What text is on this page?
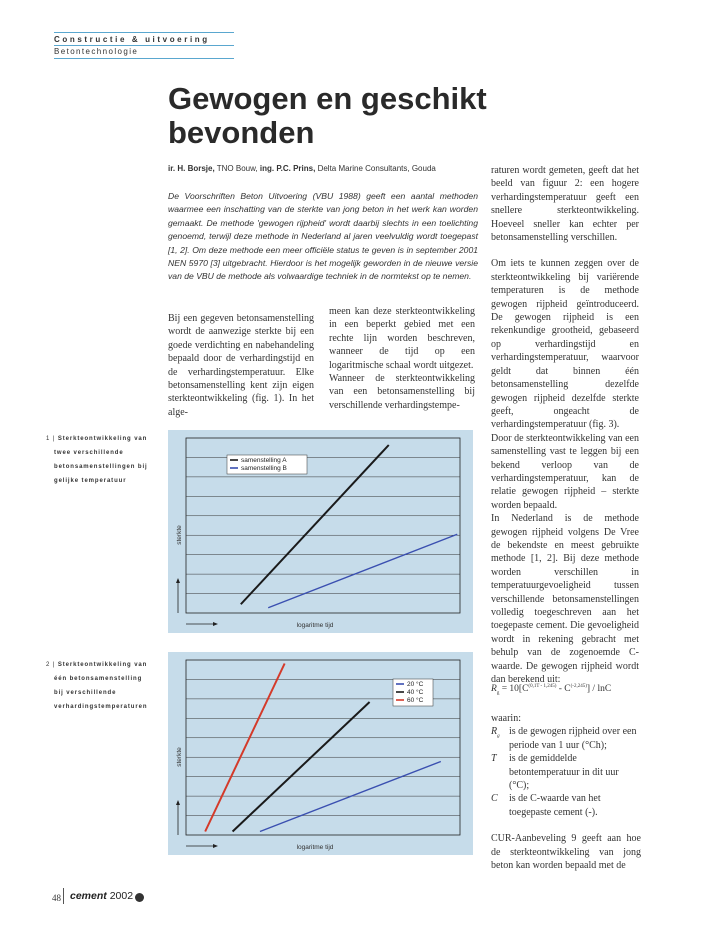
Constructie & uitvoering
Betontechnologie
Gewogen en geschikt
bevonden
ir. H. Borsje, TNO Bouw, ing. P.C. Prins, Delta Marine Consultants, Gouda
De Voorschriften Beton Uitvoering (VBU 1988) geeft een aantal methoden waarmee een inschatting van de sterkte van jong beton in het werk kan worden gemaakt. De methode 'gewogen rijpheid' wordt daarbij slechts in een toelichting genoemd, terwijl deze methode in Nederland al jaren veelvuldig wordt toegepast [1, 2]. Om deze methode een meer officiële status te geven is in september 2001 NEN 5970 [3] uitgebracht. Hierdoor is het mogelijk geworden in de nieuwe versie van de VBU de methode als volwaardige techniek in de normtekst op te nemen.

Bij een gegeven betonsamenstelling wordt de aanwezige sterkte bij een goede verdichting en nabehandeling bepaald door de verhardingstijd en de verhardingstemperatuur. Elke betonsamenstelling kent zijn eigen sterkteontwikkeling (fig. 1). In het alge-

meen kan deze sterkteontwikkeling in een beperkt gebied met een rechte lijn worden beschreven, wanneer de tijd op een logaritmische schaal wordt uitgezet.

Wanneer de sterkteontwikkeling van een betonsamenstelling bij verschillende verhardingstempe-

raturen wordt gemeten, geeft dat het beeld van figuur 2: een hogere verhardingstemperatuur geeft een snellere sterkteontwikkeling. Hoeveel sneller kan echter per betonsamenstelling verschillen.

Om iets te kunnen zeggen over de sterkteontwikkeling bij variërende temperaturen is de methode gewogen rijpheid geïntroduceerd. De gewogen rijpheid is een rekenkundige grootheid, gebaseerd op verhardingstijd en verhardingstemperatuur, waarvoor geldt dat binnen één betonsamenstelling dezelfde gewogen rijpheid dezelfde sterkte geeft, ongeacht de verhardingstemperatuur (fig. 3).

Door de sterkteontwikkeling van een samenstelling vast te leggen bij een bekend verloop van de verhardingstemperatuur, kan de relatie gewogen rijpheid – sterkte worden bepaald.

In Nederland is de methode gewogen rijpheid volgens De Vree de bekendste en meest gebruikte methode [1, 2]. Bij deze methode worden verschillen in temperatuurgevoeligheid tussen verschillende betonsamenstellingen volledig toegeschreven aan het toegepaste cement. Die gevoeligheid wordt in rekening gebracht met behulp van de zogenoemde C-waarde. De gewogen rijpheid wordt dan berekend uit:

$R_g = 10[C^{(0,1T - 1,245)} - C^{(-2,245)}] / \ln C$
waarin:
$R_g$ is de gewogen rijpheid over een periode van 1 uur (°Ch);
T	is de gemiddelde betontemperatuur in dit uur (°C);
C	is de C-waarde van het toegepaste cement (-).
CUR-Aanbeveling 9 geeft aan hoe de sterkteontwikkeling van jong beton kan worden bepaald met de
1 | Sterkteontwikkeling van twee verschillende betonsamenstellingen bij gelijke temperatuur
sterkte
logaritme tijd
samenstelling A
samenstelling B
2 | Sterkteontwikkeling van één betonsamenstelling bij verschillende verhardingstemperaturen
sterkte
logaritme tijd
20 °C
40 °C
60 °C
48 cement 2002
